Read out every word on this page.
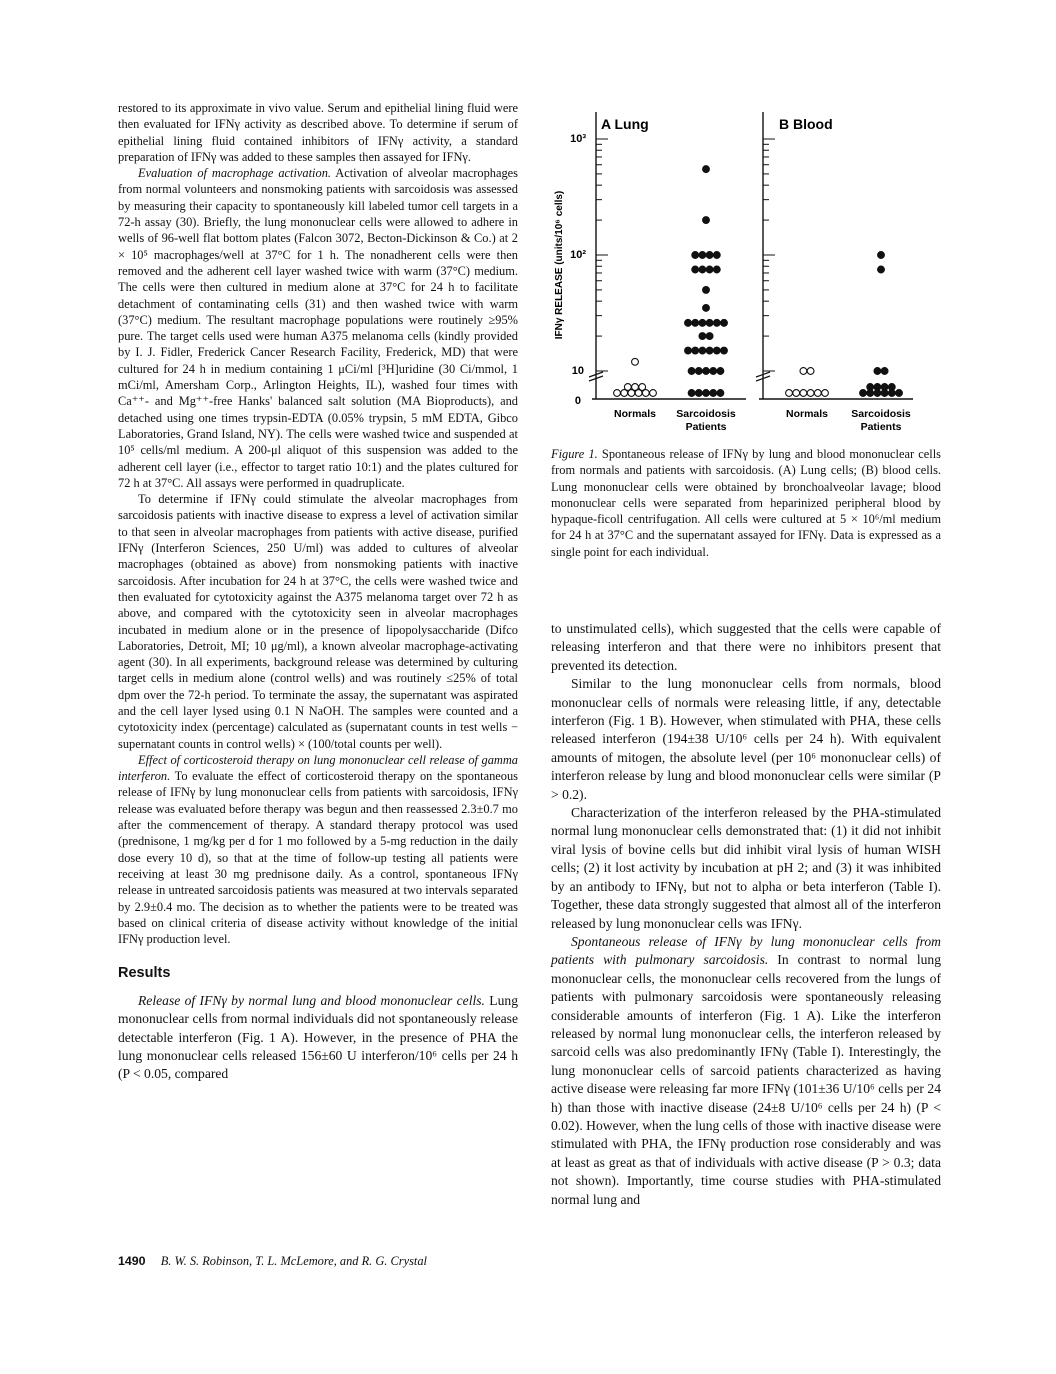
restored to its approximate in vivo value. Serum and epithelial lining fluid were then evaluated for IFNγ activity as described above. To determine if serum of epithelial lining fluid contained inhibitors of IFNγ activity, a standard preparation of IFNγ was added to these samples then assayed for IFNγ.

Evaluation of macrophage activation. Activation of alveolar macrophages from normal volunteers and nonsmoking patients with sarcoidosis was assessed by measuring their capacity to spontaneously kill labeled tumor cell targets in a 72-h assay (30). Briefly, the lung mononuclear cells were allowed to adhere in wells of 96-well flat bottom plates (Falcon 3072, Becton-Dickinson & Co.) at 2 × 10⁵ macrophages/well at 37°C for 1 h. The nonadherent cells were then removed and the adherent cell layer washed twice with warm (37°C) medium. The cells were then cultured in medium alone at 37°C for 24 h to facilitate detachment of contaminating cells (31) and then washed twice with warm (37°C) medium. The resultant macrophage populations were routinely ≥95% pure. The target cells used were human A375 melanoma cells (kindly provided by I. J. Fidler, Frederick Cancer Research Facility, Frederick, MD) that were cultured for 24 h in medium containing 1 μCi/ml [³H]uridine (30 Ci/mmol, 1 mCi/ml, Amersham Corp., Arlington Heights, IL), washed four times with Ca⁺⁺- and Mg⁺⁺-free Hanks' balanced salt solution (MA Bioproducts), and detached using one times trypsin-EDTA (0.05% trypsin, 5 mM EDTA, Gibco Laboratories, Grand Island, NY). The cells were washed twice and suspended at 10⁵ cells/ml medium. A 200-μl aliquot of this suspension was added to the adherent cell layer (i.e., effector to target ratio 10:1) and the plates cultured for 72 h at 37°C. All assays were performed in quadruplicate.

To determine if IFNγ could stimulate the alveolar macrophages from sarcoidosis patients with inactive disease to express a level of activation similar to that seen in alveolar macrophages from patients with active disease, purified IFNγ (Interferon Sciences, 250 U/ml) was added to cultures of alveolar macrophages (obtained as above) from nonsmoking patients with inactive sarcoidosis. After incubation for 24 h at 37°C, the cells were washed twice and then evaluated for cytotoxicity against the A375 melanoma target over 72 h as above, and compared with the cytotoxicity seen in alveolar macrophages incubated in medium alone or in the presence of lipopolysaccharide (Difco Laboratories, Detroit, MI; 10 μg/ml), a known alveolar macrophage-activating agent (30). In all experiments, background release was determined by culturing target cells in medium alone (control wells) and was routinely ≤25% of total dpm over the 72-h period. To terminate the assay, the supernatant was aspirated and the cell layer lysed using 0.1 N NaOH. The samples were counted and a cytotoxicity index (percentage) calculated as (supernatant counts in test wells − supernatant counts in control wells) × (100/total counts per well).

Effect of corticosteroid therapy on lung mononuclear cell release of gamma interferon. To evaluate the effect of corticosteroid therapy on the spontaneous release of IFNγ by lung mononuclear cells from patients with sarcoidosis, IFNγ release was evaluated before therapy was begun and then reassessed 2.3±0.7 mo after the commencement of therapy. A standard therapy protocol was used (prednisone, 1 mg/kg per d for 1 mo followed by a 5-mg reduction in the daily dose every 10 d), so that at the time of follow-up testing all patients were receiving at least 30 mg prednisone daily. As a control, spontaneous IFNγ release in untreated sarcoidosis patients was measured at two intervals separated by 2.9±0.4 mo. The decision as to whether the patients were to be treated was based on clinical criteria of disease activity without knowledge of the initial IFNγ production level.

Results

Release of IFNγ by normal lung and blood mononuclear cells. Lung mononuclear cells from normal individuals did not spontaneously release detectable interferon (Fig. 1 A). However, in the presence of PHA the lung mononuclear cells released 156±60 U interferon/10⁶ cells per 24 h (P < 0.05, compared

A Lung	B Blood
IFNγ RELEASE (units/10⁶ cells)
10³
10²
10
0
Normals Sarcoidosis
Patients
Normals Sarcoidosis
Patients
Figure 1. Spontaneous release of IFNγ by lung and blood mononuclear cells from normals and patients with sarcoidosis. (A) Lung cells; (B) blood cells. Lung mononuclear cells were obtained by bronchoalveolar lavage; blood mononuclear cells were separated from heparinized peripheral blood by hypaque-ficoll centrifugation. All cells were cultured at 5 × 10⁶/ml medium for 24 h at 37°C and the supernatant assayed for IFNγ. Data is expressed as a single point for each individual.

to unstimulated cells), which suggested that the cells were capable of releasing interferon and that there were no inhibitors present that prevented its detection.

Similar to the lung mononuclear cells from normals, blood mononuclear cells of normals were releasing little, if any, detectable interferon (Fig. 1 B). However, when stimulated with PHA, these cells released interferon (194±38 U/10⁶ cells per 24 h). With equivalent amounts of mitogen, the absolute level (per 10⁶ mononuclear cells) of interferon release by lung and blood mononuclear cells were similar (P > 0.2).

Characterization of the interferon released by the PHA-stimulated normal lung mononuclear cells demonstrated that: (1) it did not inhibit viral lysis of bovine cells but did inhibit viral lysis of human WISH cells; (2) it lost activity by incubation at pH 2; and (3) it was inhibited by an antibody to IFNγ, but not to alpha or beta interferon (Table I). Together, these data strongly suggested that almost all of the interferon released by lung mononuclear cells was IFNγ.

Spontaneous release of IFNγ by lung mononuclear cells from patients with pulmonary sarcoidosis. In contrast to normal lung mononuclear cells, the mononuclear cells recovered from the lungs of patients with pulmonary sarcoidosis were spontaneously releasing considerable amounts of interferon (Fig. 1 A). Like the interferon released by normal lung mononuclear cells, the interferon released by sarcoid cells was also predominantly IFNγ (Table I). Interestingly, the lung mononuclear cells of sarcoid patients characterized as having active disease were releasing far more IFNγ (101±36 U/10⁶ cells per 24 h) than those with inactive disease (24±8 U/10⁶ cells per 24 h) (P < 0.02). However, when the lung cells of those with inactive disease were stimulated with PHA, the IFNγ production rose considerably and was at least as great as that of individuals with active disease (P > 0.3; data not shown). Importantly, time course studies with PHA-stimulated normal lung and

1490 B. W. S. Robinson, T. L. McLemore, and R. G. Crystal
